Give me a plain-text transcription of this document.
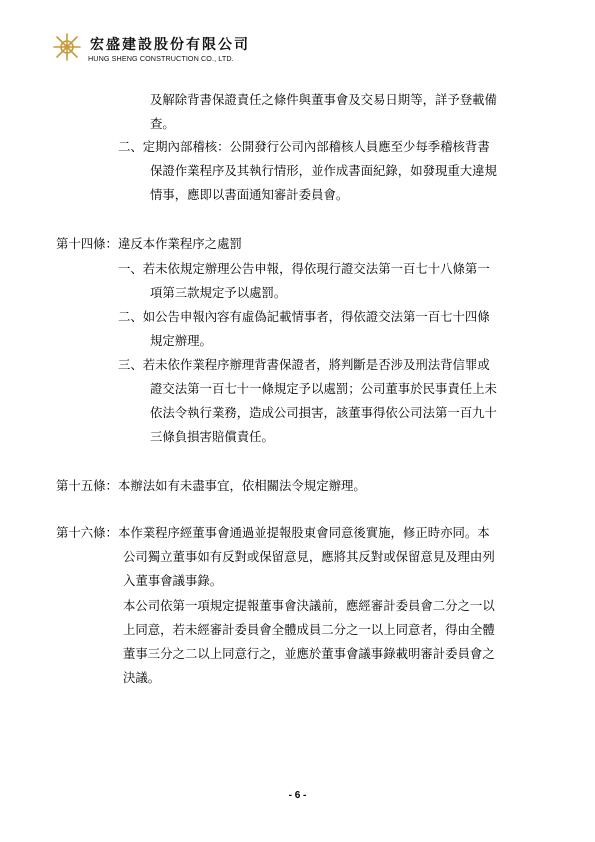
宏盛建設股份有限公司
HUNG SHENG CONSTRUCTION CO., LTD.
及解除背書保證責任之條件與董事會及交易日期等，詳予登載備
查。
二、定期內部稽核：公開發行公司內部稽核人員應至少每季稽核背書
保證作業程序及其執行情形，並作成書面紀錄，如發現重大違規
情事，應即以書面通知審計委員會。
第十四條：違反本作業程序之處罰
一、若未依規定辦理公告申報，得依現行證交法第一百七十八條第一
項第三款規定予以處罰。
二、如公告申報內容有虛偽記載情事者，得依證交法第一百七十四條
規定辦理。
三、若未依作業程序辦理背書保證者，將判斷是否涉及刑法背信罪或
證交法第一百七十一條規定予以處罰；公司董事於民事責任上未
依法令執行業務，造成公司損害，該董事得依公司法第一百九十
三條負損害賠償責任。
第十五條：本辦法如有未盡事宜，依相關法令規定辦理。
第十六條：本作業程序經董事會通過並提報股東會同意後實施，修正時亦同。本
公司獨立董事如有反對或保留意見，應將其反對或保留意見及理由列
入董事會議事錄。
本公司依第一項規定提報董事會決議前，應經審計委員會二分之一以
上同意，若未經審計委員會全體成員二分之一以上同意者，得由全體
董事三分之二以上同意行之，並應於董事會議事錄載明審計委員會之
決議。
- 6 -
